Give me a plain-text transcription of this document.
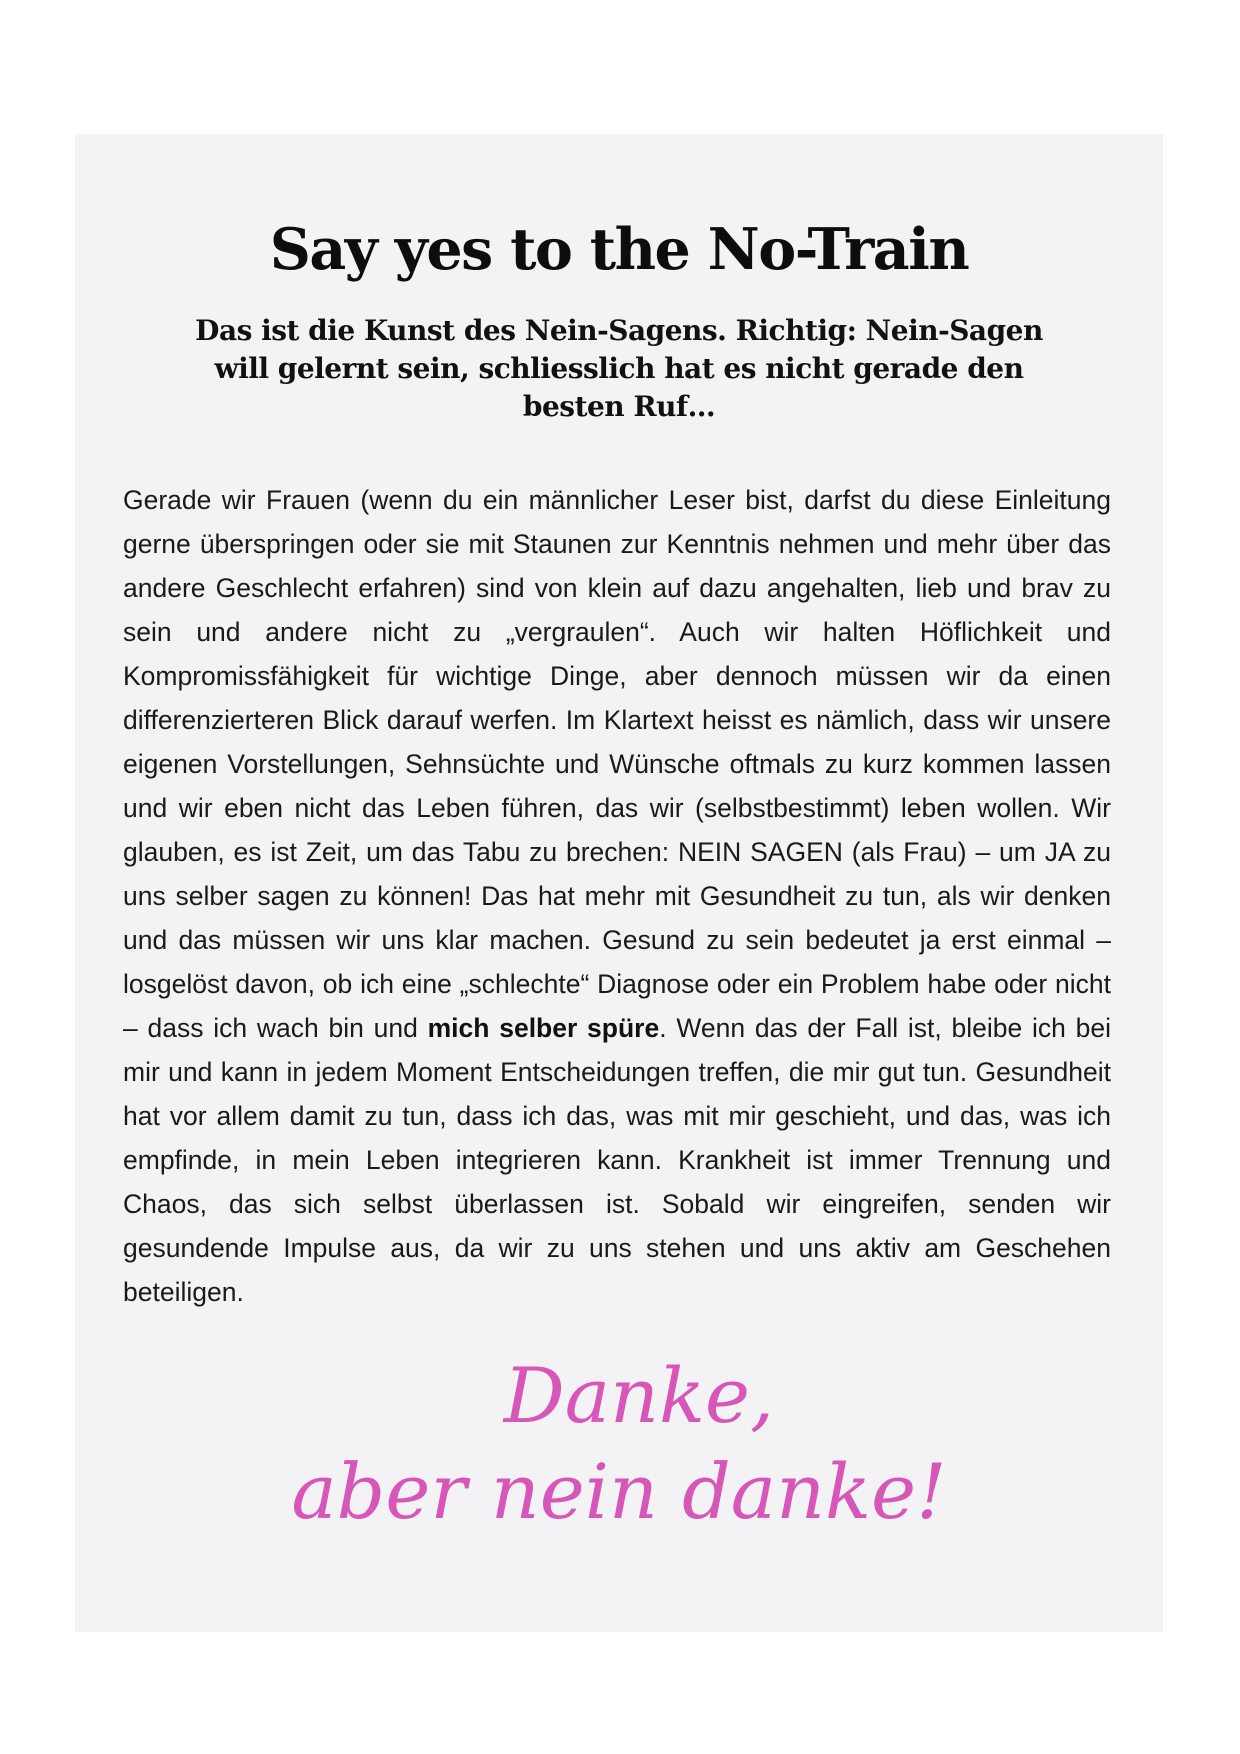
Say yes to the No-Train

Das ist die Kunst des Nein-Sagens. Richtig: Nein-Sagen will gelernt sein, schliesslich hat es nicht gerade den besten Ruf…

Gerade wir Frauen (wenn du ein männlicher Leser bist, darfst du diese Einleitung gerne überspringen oder sie mit Staunen zur Kenntnis nehmen und mehr über das andere Geschlecht erfahren) sind von klein auf dazu angehalten, lieb und brav zu sein und andere nicht zu „vergraulen“. Auch wir halten Höflichkeit und Kompromissfähigkeit für wichtige Dinge, aber dennoch müssen wir da einen differenzierteren Blick darauf werfen. Im Klartext heisst es nämlich, dass wir unsere eigenen Vorstellungen, Sehnsüchte und Wünsche oftmals zu kurz kommen lassen und wir eben nicht das Leben führen, das wir (selbstbestimmt) leben wollen. Wir glauben, es ist Zeit, um das Tabu zu brechen: NEIN SAGEN (als Frau) – um JA zu uns selber sagen zu können! Das hat mehr mit Gesundheit zu tun, als wir denken und das müssen wir uns klar machen. Gesund zu sein bedeutet ja erst einmal – losgelöst davon, ob ich eine „schlechte“ Diagnose oder ein Problem habe oder nicht – dass ich wach bin und mich selber spüre. Wenn das der Fall ist, bleibe ich bei mir und kann in jedem Moment Entscheidungen treffen, die mir gut tun. Gesundheit hat vor allem damit zu tun, dass ich das, was mit mir geschieht, und das, was ich empfinde, in mein Leben integrieren kann. Krankheit ist immer Trennung und Chaos, das sich selbst überlassen ist. Sobald wir eingreifen, senden wir gesundende Impulse aus, da wir zu uns stehen und uns aktiv am Geschehen beteiligen.

Danke,
aber nein danke!
